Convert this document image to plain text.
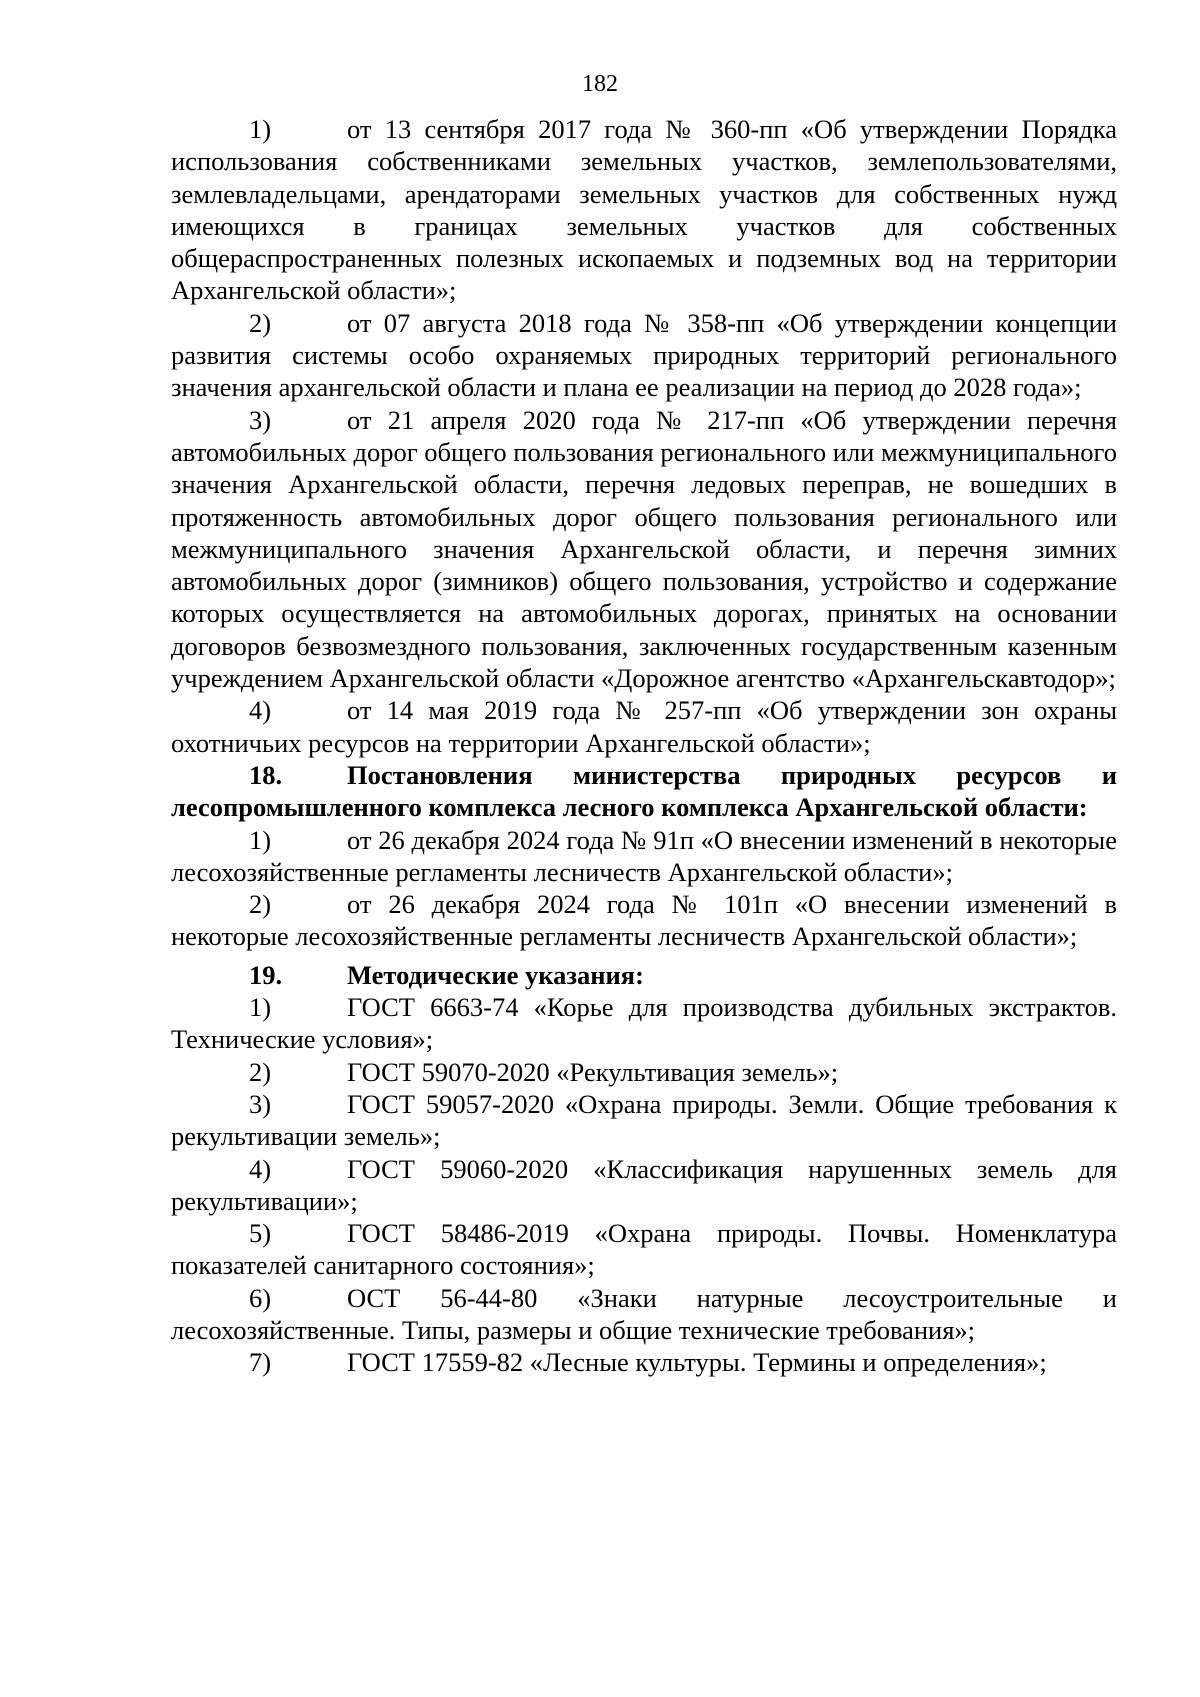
182

1)	от 13 сентября 2017 года № 360-пп «Об утверждении Порядка использования собственниками земельных участков, землепользователями, землевладельцами, арендаторами земельных участков для собственных нужд имеющихся в границах земельных участков для собственных общераспространенных полезных ископаемых и подземных вод на территории Архангельской области»;

2)	от 07 августа 2018 года № 358-пп «Об утверждении концепции развития системы особо охраняемых природных территорий регионального значения архангельской области и плана ее реализации на период до 2028 года»;

3)	от 21 апреля 2020 года № 217-пп «Об утверждении перечня автомобильных дорог общего пользования регионального или межмуниципального значения Архангельской области, перечня ледовых переправ, не вошедших в протяженность автомобильных дорог общего пользования регионального или межмуниципального значения Архангельской области, и перечня зимних автомобильных дорог (зимников) общего пользования, устройство и содержание которых осуществляется на автомобильных дорогах, принятых на основании договоров безвозмездного пользования, заключенных государственным казенным учреждением Архангельской области «Дорожное агентство «Архангельскавтодор»;

4)	от 14 мая 2019 года № 257-пп «Об утверждении зон охраны охотничьих ресурсов на территории Архангельской области»;

18. Постановления министерства природных ресурсов и лесопромышленного комплекса лесного комплекса Архангельской области:

1)	от 26 декабря 2024 года № 91п «О внесении изменений в некоторые лесохозяйственные регламенты лесничеств Архангельской области»;

2)	от 26 декабря 2024 года № 101п «О внесении изменений в некоторые лесохозяйственные регламенты лесничеств Архангельской области»;

19. Методические указания:

1)	ГОСТ 6663-74 «Корье для производства дубильных экстрактов. Технические условия»;

2)	ГОСТ 59070-2020 «Рекультивация земель»;

3)	ГОСТ 59057-2020 «Охрана природы. Земли. Общие требования к рекультивации земель»;

4)	ГОСТ 59060-2020 «Классификация нарушенных земель для рекультивации»;

5)	ГОСТ 58486-2019 «Охрана природы. Почвы. Номенклатура показателей санитарного состояния»;

6)	ОСТ 56-44-80 «Знаки натурные лесоустроительные и лесохозяйственные. Типы, размеры и общие технические требования»;

7)	ГОСТ 17559-82 «Лесные культуры. Термины и определения»;
